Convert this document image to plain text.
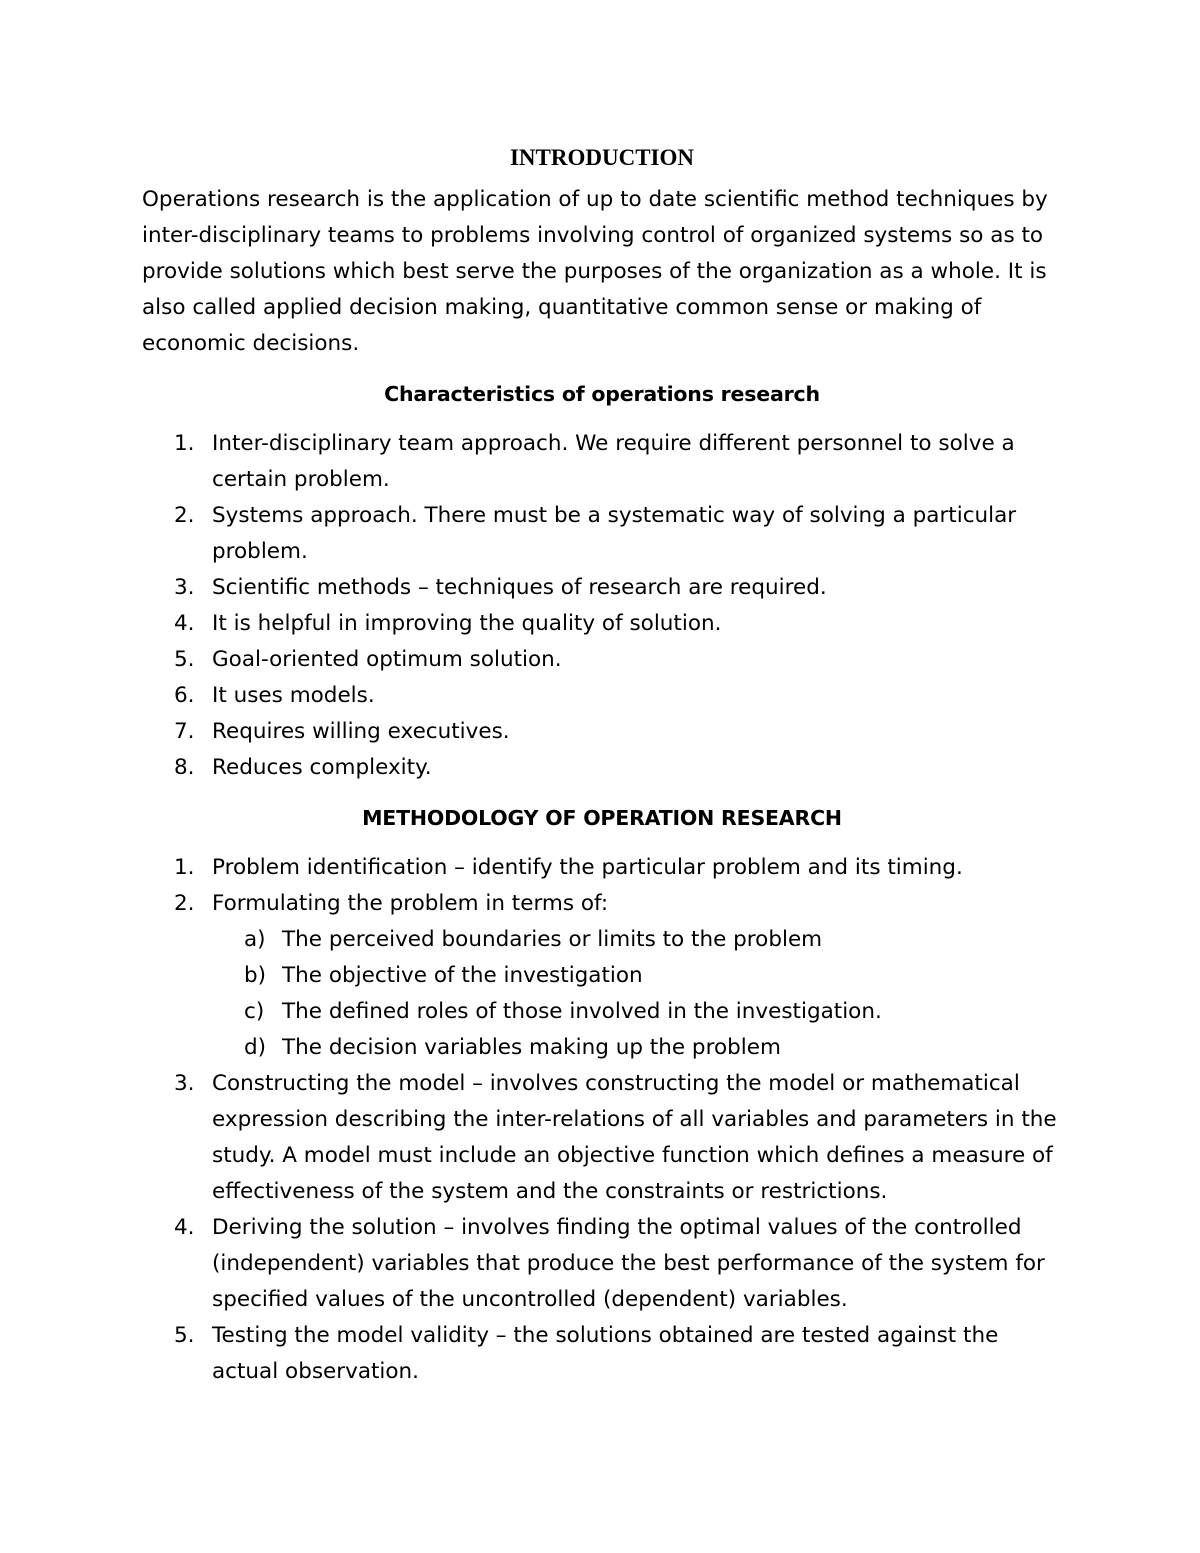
INTRODUCTION

Operations research is the application of up to date scientific method techniques by inter-disciplinary teams to problems involving control of organized systems so as to provide solutions which best serve the purposes of the organization as a whole. It is also called applied decision making, quantitative common sense or making of economic decisions.

Characteristics of operations research
1. Inter-disciplinary team approach. We require different personnel to solve a certain problem.
2. Systems approach. There must be a systematic way of solving a particular problem.
3. Scientific methods – techniques of research are required.
4. It is helpful in improving the quality of solution.
5. Goal-oriented optimum solution.
6. It uses models.
7. Requires willing executives.
8. Reduces complexity.
METHODOLOGY OF OPERATION RESEARCH
1. Problem identification – identify the particular problem and its timing.
2. Formulating the problem in terms of:
a) The perceived boundaries or limits to the problem
b) The objective of the investigation
c) The defined roles of those involved in the investigation.
d) The decision variables making up the problem
3. Constructing the model – involves constructing the model or mathematical expression describing the inter-relations of all variables and parameters in the study. A model must include an objective function which defines a measure of effectiveness of the system and the constraints or restrictions.
4. Deriving the solution – involves finding the optimal values of the controlled (independent) variables that produce the best performance of the system for specified values of the uncontrolled (dependent) variables.
5. Testing the model validity – the solutions obtained are tested against the actual observation.
